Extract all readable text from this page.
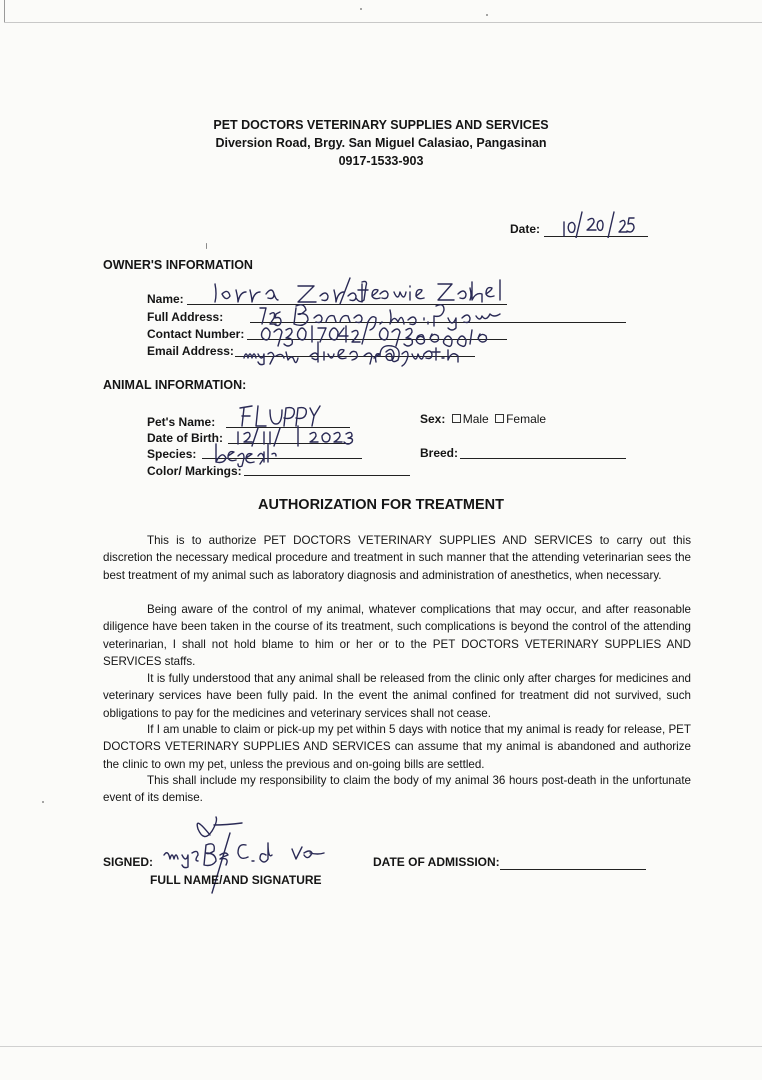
PET DOCTORS VETERINARY SUPPLIES AND SERVICES
Diversion Road, Brgy. San Miguel Calasiao, Pangasinan
0917-1533-903
Date:
OWNER'S INFORMATION
Name:
Full Address:
Contact Number:
Email Address:
ANIMAL INFORMATION:
Pet's Name:	Sex: Male Female
Date of Birth:
Species:	Breed:
Color/ Markings:
AUTHORIZATION FOR TREATMENT
This is to authorize PET DOCTORS VETERINARY SUPPLIES AND SERVICES to carry out this discretion the necessary medical procedure and treatment in such manner that the attending veterinarian sees the best treatment of my animal such as laboratory diagnosis and administration of anesthetics, when necessary.
Being aware of the control of my animal, whatever complications that may occur, and after reasonable diligence have been taken in the course of its treatment, such complications is beyond the control of the attending veterinarian, I shall not hold blame to him or her or to the PET DOCTORS VETERINARY SUPPLIES AND SERVICES staffs.
It is fully understood that any animal shall be released from the clinic only after charges for medicines and veterinary services have been fully paid. In the event the animal confined for treatment did not survived, such obligations to pay for the medicines and veterinary services shall not cease.
If I am unable to claim or pick-up my pet within 5 days with notice that my animal is ready for release, PET DOCTORS VETERINARY SUPPLIES AND SERVICES can assume that my animal is abandoned and authorize the clinic to own my pet, unless the previous and on-going bills are settled.
This shall include my responsibility to claim the body of my animal 36 hours post-death in the unfortunate event of its demise.
SIGNED:
FULL NAME/AND SIGNATURE
DATE OF ADMISSION:
